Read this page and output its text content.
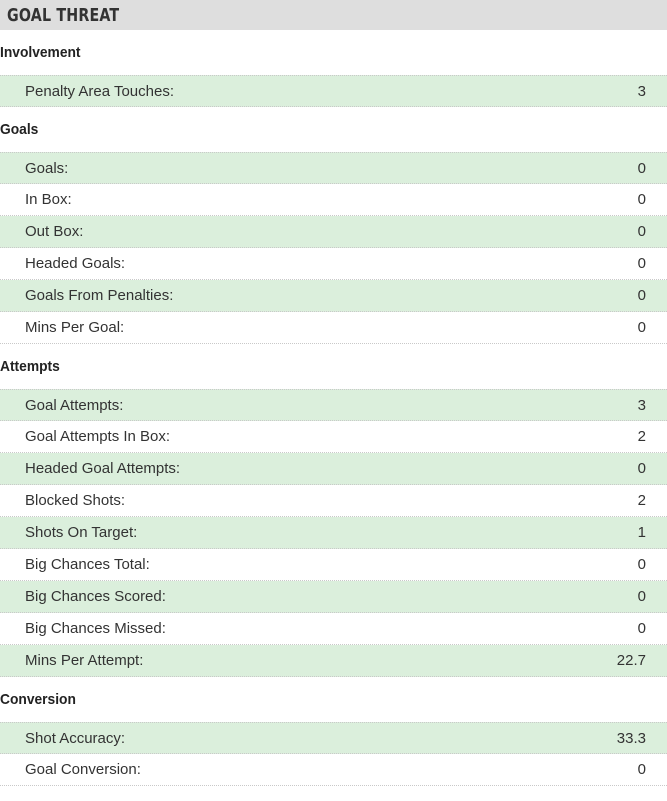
GOAL THREAT
Involvement
Penalty Area Touches:	3
Goals
Goals:	0
In Box:	0
Out Box:	0
Headed Goals:	0
Goals From Penalties:	0
Mins Per Goal:	0
Attempts
Goal Attempts:	3
Goal Attempts In Box:	2
Headed Goal Attempts:	0
Blocked Shots:	2
Shots On Target:	1
Big Chances Total:	0
Big Chances Scored:	0
Big Chances Missed:	0
Mins Per Attempt:	22.7
Conversion
Shot Accuracy:	33.3
Goal Conversion:	0
